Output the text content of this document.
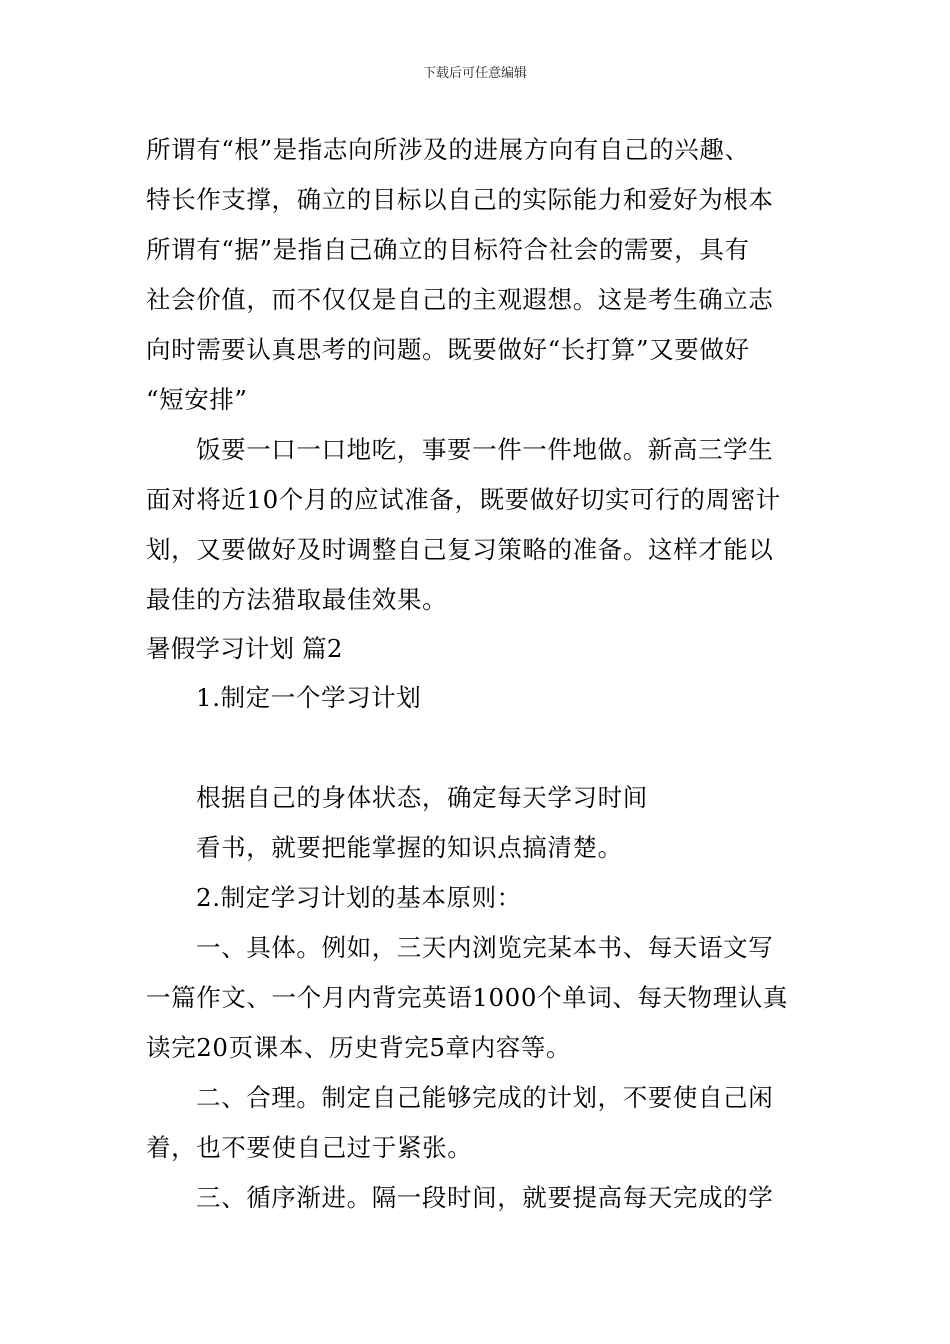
下载后可任意编辑
所谓有“根”是指志向所涉及的进展方向有自己的兴趣、
特长作支撑，确立的目标以自己的实际能力和爱好为根本
所谓有“据”是指自己确立的目标符合社会的需要，具有
社会价值，而不仅仅是自己的主观遐想。这是考生确立志
向时需要认真思考的问题。既要做好“长打算”又要做好
“短安排”
饭要一口一口地吃，事要一件一件地做。新高三学生
面对将近10个月的应试准备，既要做好切实可行的周密计
划，又要做好及时调整自己复习策略的准备。这样才能以
最佳的方法猎取最佳效果。
暑假学习计划 篇2
1.制定一个学习计划
根据自己的身体状态，确定每天学习时间
看书，就要把能掌握的知识点搞清楚。
2.制定学习计划的基本原则：
一、具体。例如，三天内浏览完某本书、每天语文写
一篇作文、一个月内背完英语1000个单词、每天物理认真
读完20页课本、历史背完5章内容等。
二、合理。制定自己能够完成的计划，不要使自己闲
着，也不要使自己过于紧张。
三、循序渐进。隔一段时间，就要提高每天完成的学
